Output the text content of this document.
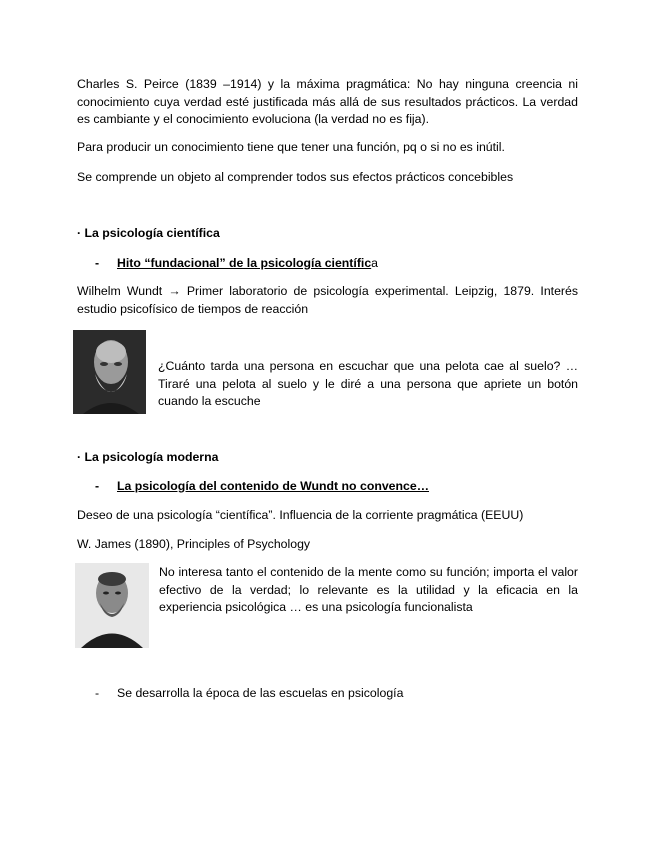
Charles S. Peirce (1839 –1914) y la máxima pragmática: No hay ninguna creencia ni conocimiento cuya verdad esté justificada más allá de sus resultados prácticos. La verdad es cambiante y el conocimiento evoluciona (la verdad no es fija).

Para producir un conocimiento tiene que tener una función, pq o si no es inútil.

Se comprende un objeto al comprender todos sus efectos prácticos concebibles

· La psicología científica

- Hito “fundacional” de la psicología científica

Wilhelm Wundt → Primer laboratorio de psicología experimental. Leipzig, 1879. Interés estudio psicofísico de tiempos de reacción

¿Cuánto tarda una persona en escuchar que una pelota cae al suelo? … Tiraré una pelota al suelo y le diré a una persona que apriete un botón cuando la escuche

· La psicología moderna

- La psicología del contenido de Wundt no convence…

Deseo de una psicología “científica”. Influencia de la corriente pragmática (EEUU)

W. James (1890), Principles of Psychology

No interesa tanto el contenido de la mente como su función; importa el valor efectivo de la verdad; lo relevante es la utilidad y la eficacia en la experiencia psicológica … es una psicología funcionalista

- Se desarrolla la época de las escuelas en psicología
